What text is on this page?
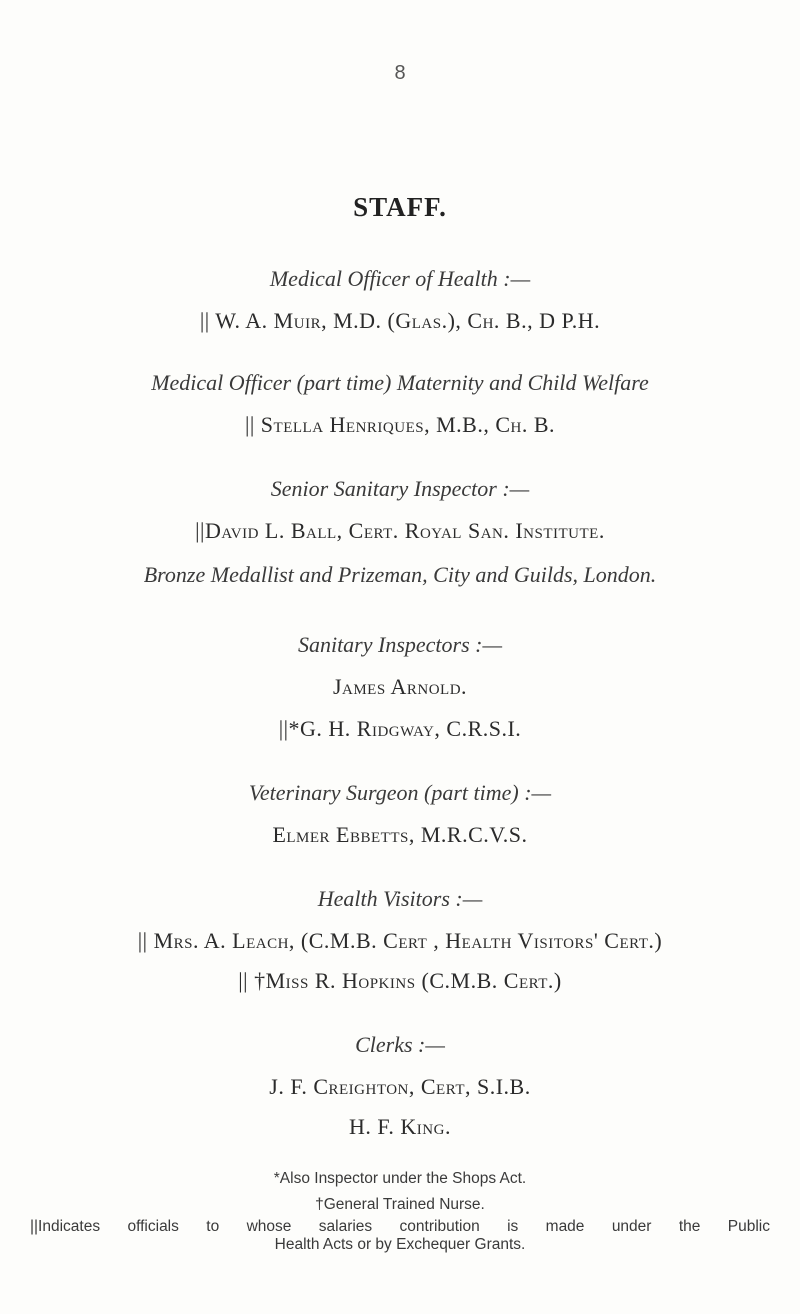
8
STAFF.
Medical Officer of Health :—
|| W. A. Muir, M.D. (Glas.), Ch. B., D P.H.
Medical Officer (part time) Maternity and Child Welfare
|| Stella Henriques, M.B., Ch. B.
Senior Sanitary Inspector :—
||David L. Ball, Cert. Royal San. Institute.
Bronze Medallist and Prizeman, City and Guilds, London.
Sanitary Inspectors :—
James Arnold.
||*G. H. Ridgway, C.R.S.I.
Veterinary Surgeon (part time) :—
Elmer Ebbetts, M.R.C.V.S.
Health Visitors :—
|| Mrs. A. Leach, (C.M.B. Cert , Health Visitors' Cert.)
|| †Miss R. Hopkins (C.M.B. Cert.)
Clerks :—
J. F. Creighton, Cert, S.I.B.
H. F. King.
*Also Inspector under the Shops Act.
†General Trained Nurse.
||Indicates officials to whose salaries contribution is made under the Public
Health Acts or by Exchequer Grants.
